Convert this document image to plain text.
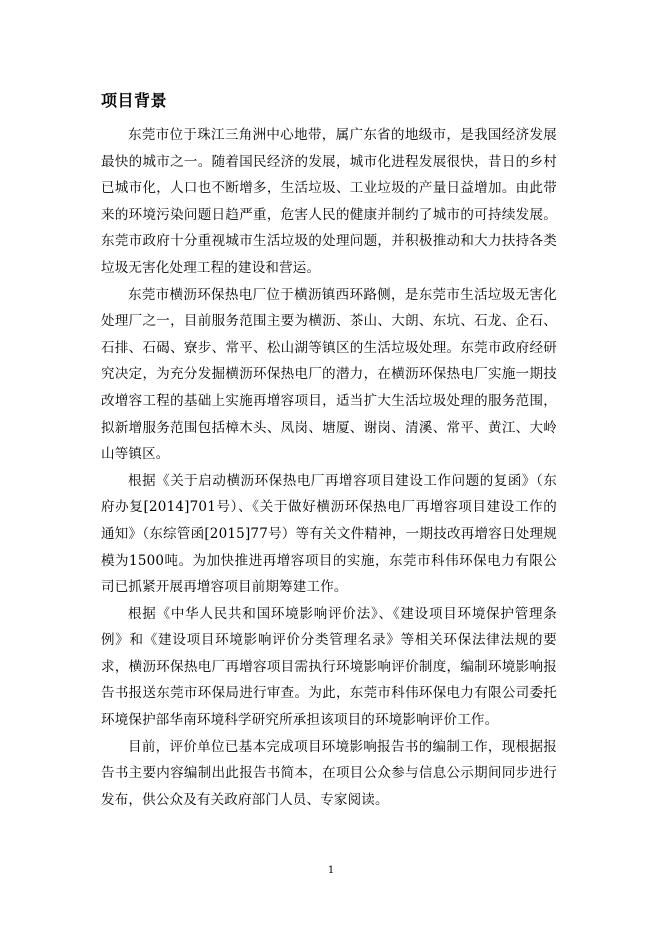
项目背景

东莞市位于珠江三角洲中心地带，属广东省的地级市，是我国经济发展最快的城市之一。随着国民经济的发展，城市化进程发展很快，昔日的乡村已城市化，人口也不断增多，生活垃圾、工业垃圾的产量日益增加。由此带来的环境污染问题日趋严重，危害人民的健康并制约了城市的可持续发展。东莞市政府十分重视城市生活垃圾的处理问题，并积极推动和大力扶持各类垃圾无害化处理工程的建设和营运。

东莞市横沥环保热电厂位于横沥镇西环路侧，是东莞市生活垃圾无害化处理厂之一，目前服务范围主要为横沥、茶山、大朗、东坑、石龙、企石、石排、石碣、寮步、常平、松山湖等镇区的生活垃圾处理。东莞市政府经研究决定，为充分发掘横沥环保热电厂的潜力，在横沥环保热电厂实施一期技改增容工程的基础上实施再增容项目，适当扩大生活垃圾处理的服务范围，拟新增服务范围包括樟木头、凤岗、塘厦、谢岗、清溪、常平、黄江、大岭山等镇区。

根据《关于启动横沥环保热电厂再增容项目建设工作问题的复函》（东府办复[2014]701号）、《关于做好横沥环保热电厂再增容项目建设工作的通知》（东综管函[2015]77号）等有关文件精神，一期技改再增容日处理规模为1500吨。为加快推进再增容项目的实施，东莞市科伟环保电力有限公司已抓紧开展再增容项目前期筹建工作。

根据《中华人民共和国环境影响评价法》、《建设项目环境保护管理条例》和《建设项目环境影响评价分类管理名录》等相关环保法律法规的要求，横沥环保热电厂再增容项目需执行环境影响评价制度，编制环境影响报告书报送东莞市环保局进行审查。为此，东莞市科伟环保电力有限公司委托环境保护部华南环境科学研究所承担该项目的环境影响评价工作。

目前，评价单位已基本完成项目环境影响报告书的编制工作，现根据报告书主要内容编制出此报告书简本，在项目公众参与信息公示期间同步进行发布，供公众及有关政府部门人员、专家阅读。

1
